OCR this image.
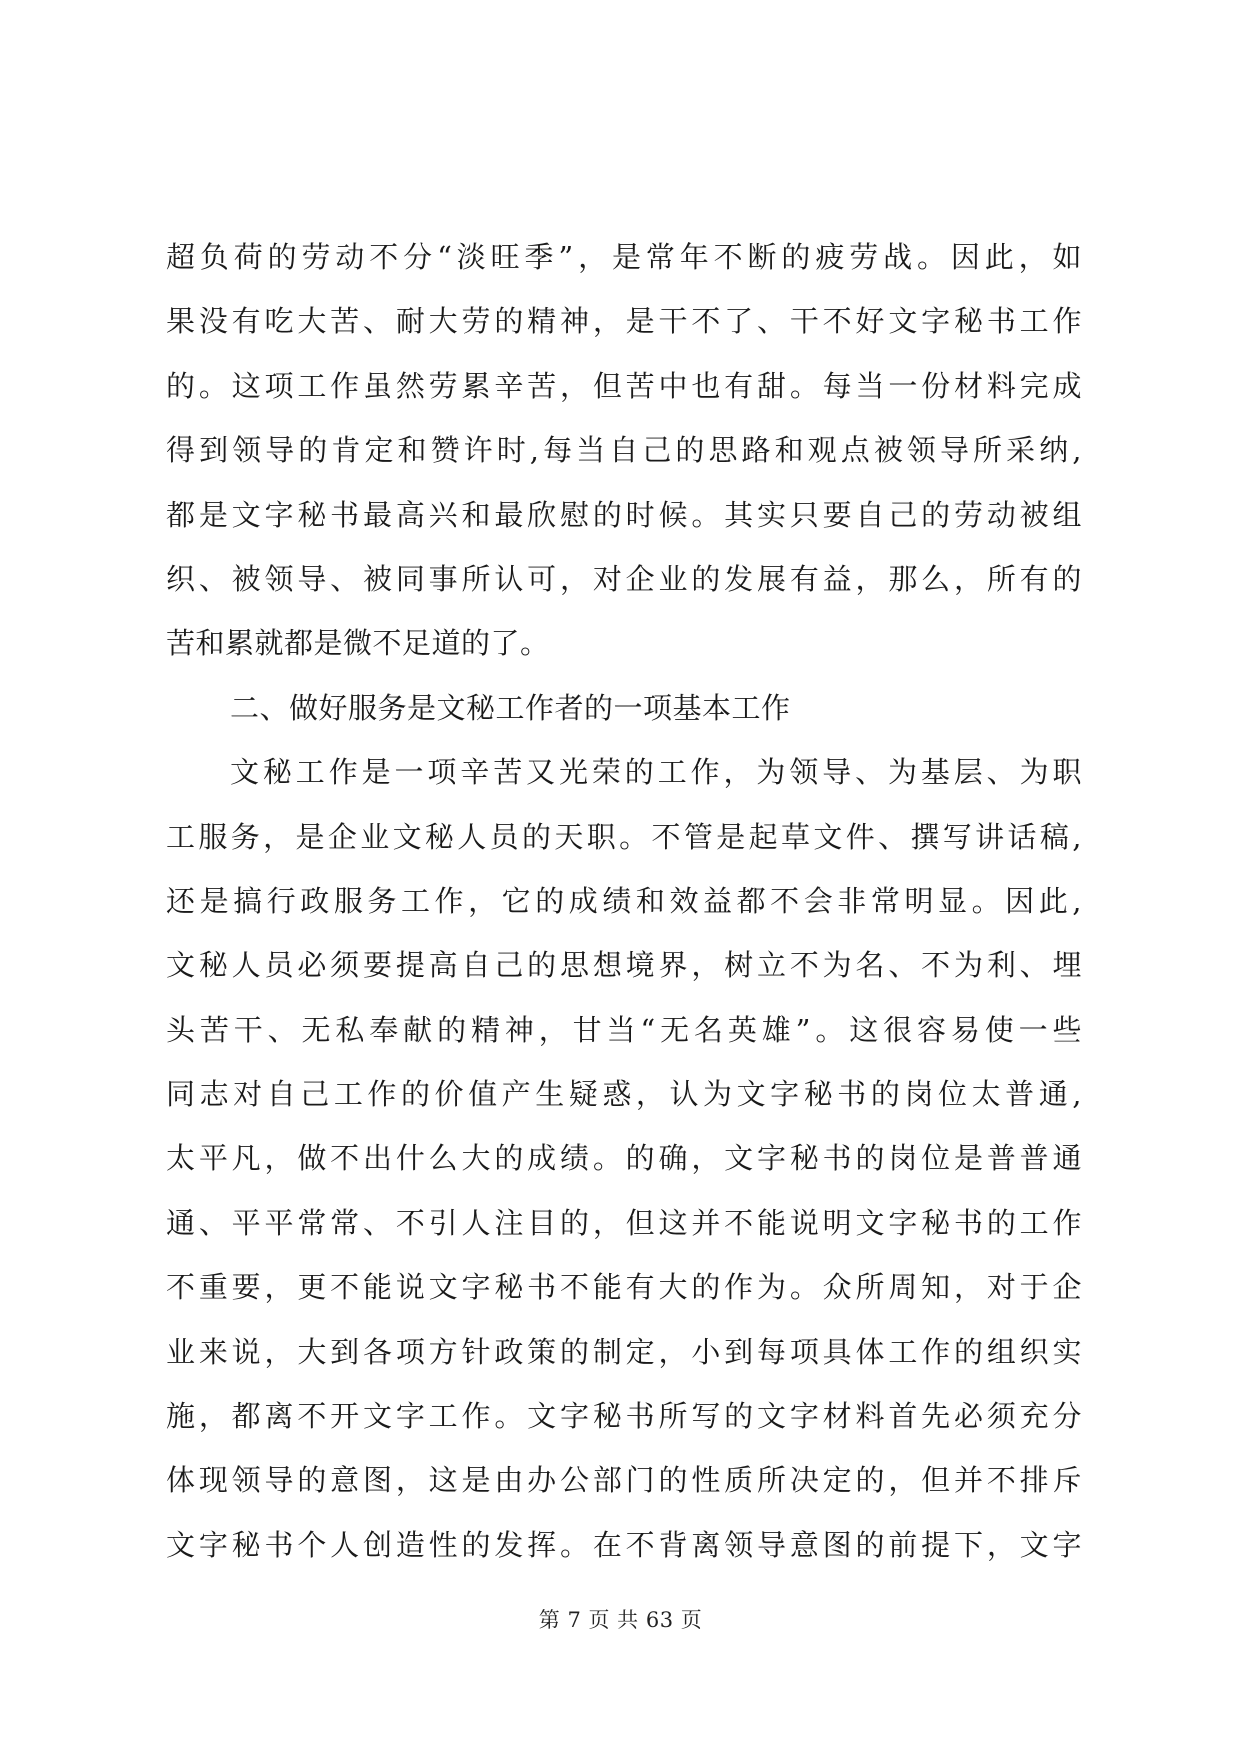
超负荷的劳动不分“淡旺季”，是常年不断的疲劳战。因此，如
果没有吃大苦、耐大劳的精神，是干不了、干不好文字秘书工作
的。这项工作虽然劳累辛苦，但苦中也有甜。每当一份材料完成
得到领导的肯定和赞许时,每当自己的思路和观点被领导所采纳,
都是文字秘书最高兴和最欣慰的时候。其实只要自己的劳动被组
织、被领导、被同事所认可，对企业的发展有益，那么，所有的
苦和累就都是微不足道的了。
二、做好服务是文秘工作者的一项基本工作
文秘工作是一项辛苦又光荣的工作，为领导、为基层、为职
工服务，是企业文秘人员的天职。不管是起草文件、撰写讲话稿,
还是搞行政服务工作，它的成绩和效益都不会非常明显。因此,
文秘人员必须要提高自己的思想境界，树立不为名、不为利、埋
头苦干、无私奉献的精神，甘当“无名英雄”。这很容易使一些
同志对自己工作的价值产生疑惑，认为文字秘书的岗位太普通,
太平凡，做不出什么大的成绩。的确，文字秘书的岗位是普普通
通、平平常常、不引人注目的，但这并不能说明文字秘书的工作
不重要，更不能说文字秘书不能有大的作为。众所周知，对于企
业来说，大到各项方针政策的制定，小到每项具体工作的组织实
施，都离不开文字工作。文字秘书所写的文字材料首先必须充分
体现领导的意图，这是由办公部门的性质所决定的，但并不排斥
文字秘书个人创造性的发挥。在不背离领导意图的前提下，文字
第 7 页 共 63 页
